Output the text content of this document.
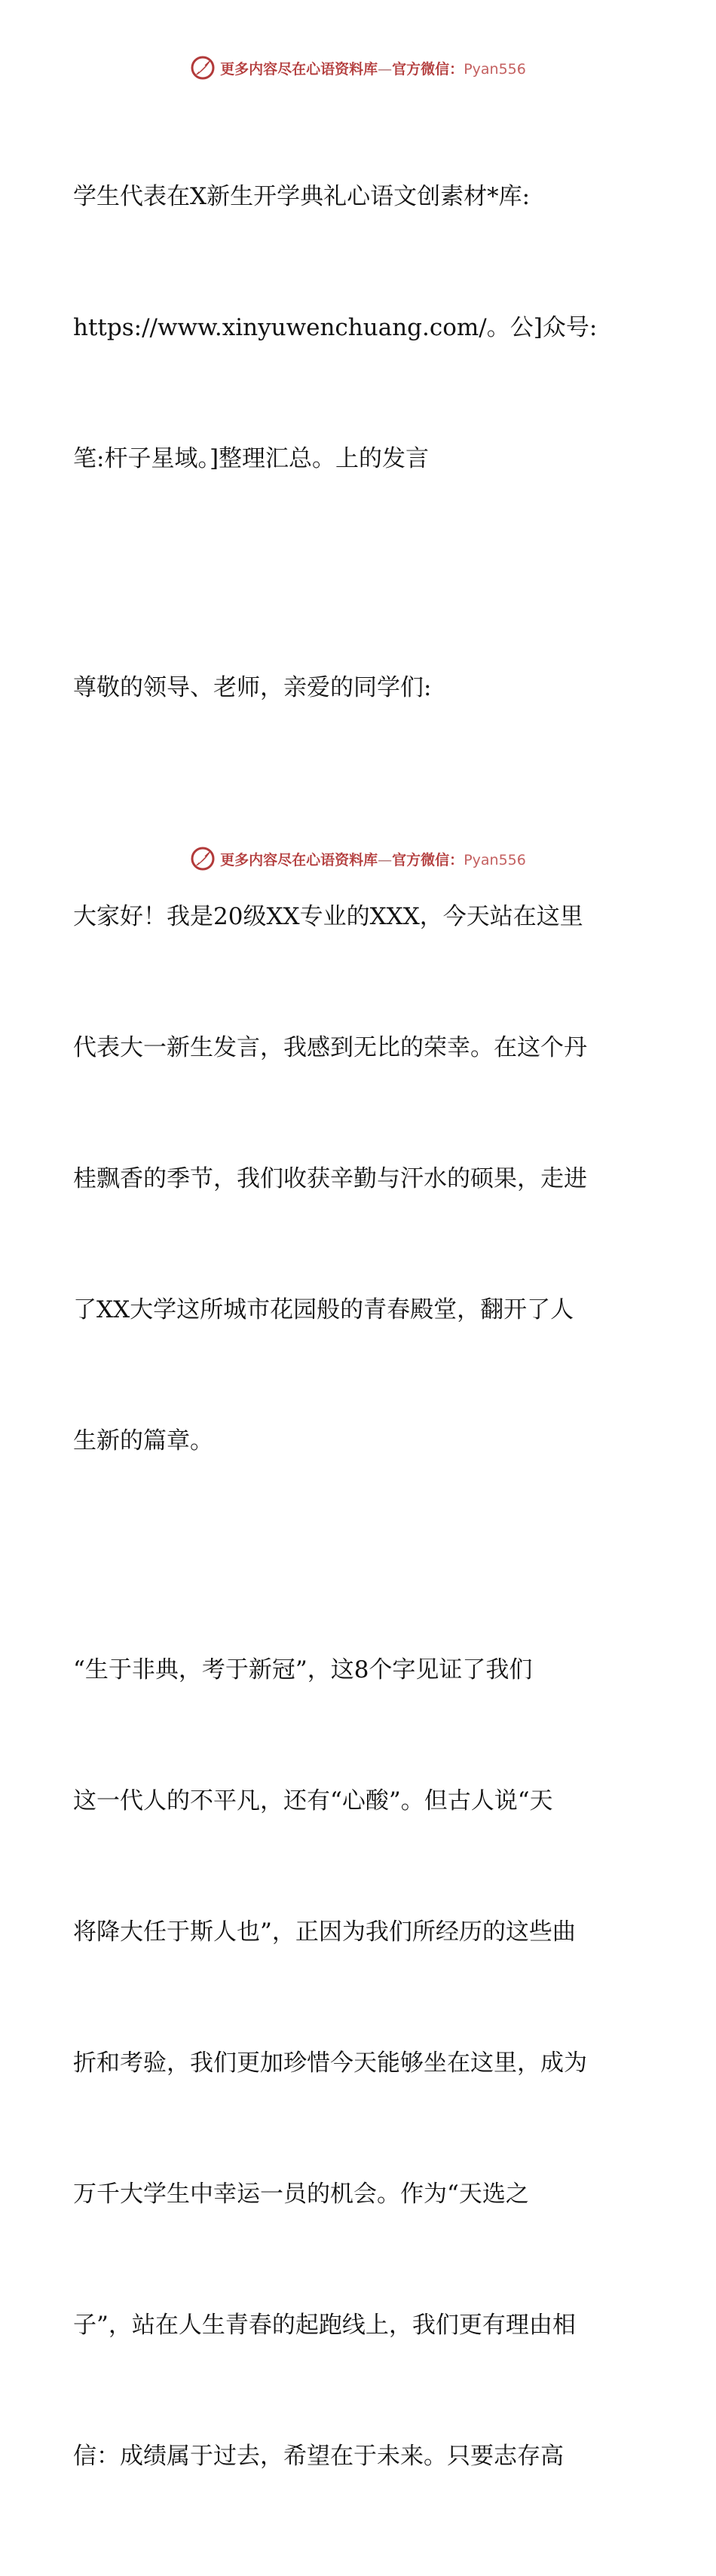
更多内容尽在心语资料库—官方微信：Pyan556

学生代表在X新生开学典礼心语文创素材*库:

https://www.xinyuwenchuang.com/。公]众号:

笔:杆子星域。]整理汇总。上的发言

尊敬的领导、老师，亲爱的同学们:

大家好！我是20级XX专业的XXX，今天站在这里

代表大一新生发言，我感到无比的荣幸。在这个丹

桂飘香的季节，我们收获辛勤与汗水的硕果，走进

了XX大学这所城市花园般的青春殿堂，翻开了人

生新的篇章。

“生于非典，考于新冠”，这8个字见证了我们

这一代人的不平凡，还有“心酸”。但古人说“天

将降大任于斯人也”，正因为我们所经历的这些曲

折和考验，我们更加珍惜今天能够坐在这里，成为

万千大学生中幸运一员的机会。作为“天选之

子”，站在人生青春的起跑线上，我们更有理由相

信：成绩属于过去，希望在于未来。只要志存高

更多内容尽在心语资料库—官方微信：Pyan556
